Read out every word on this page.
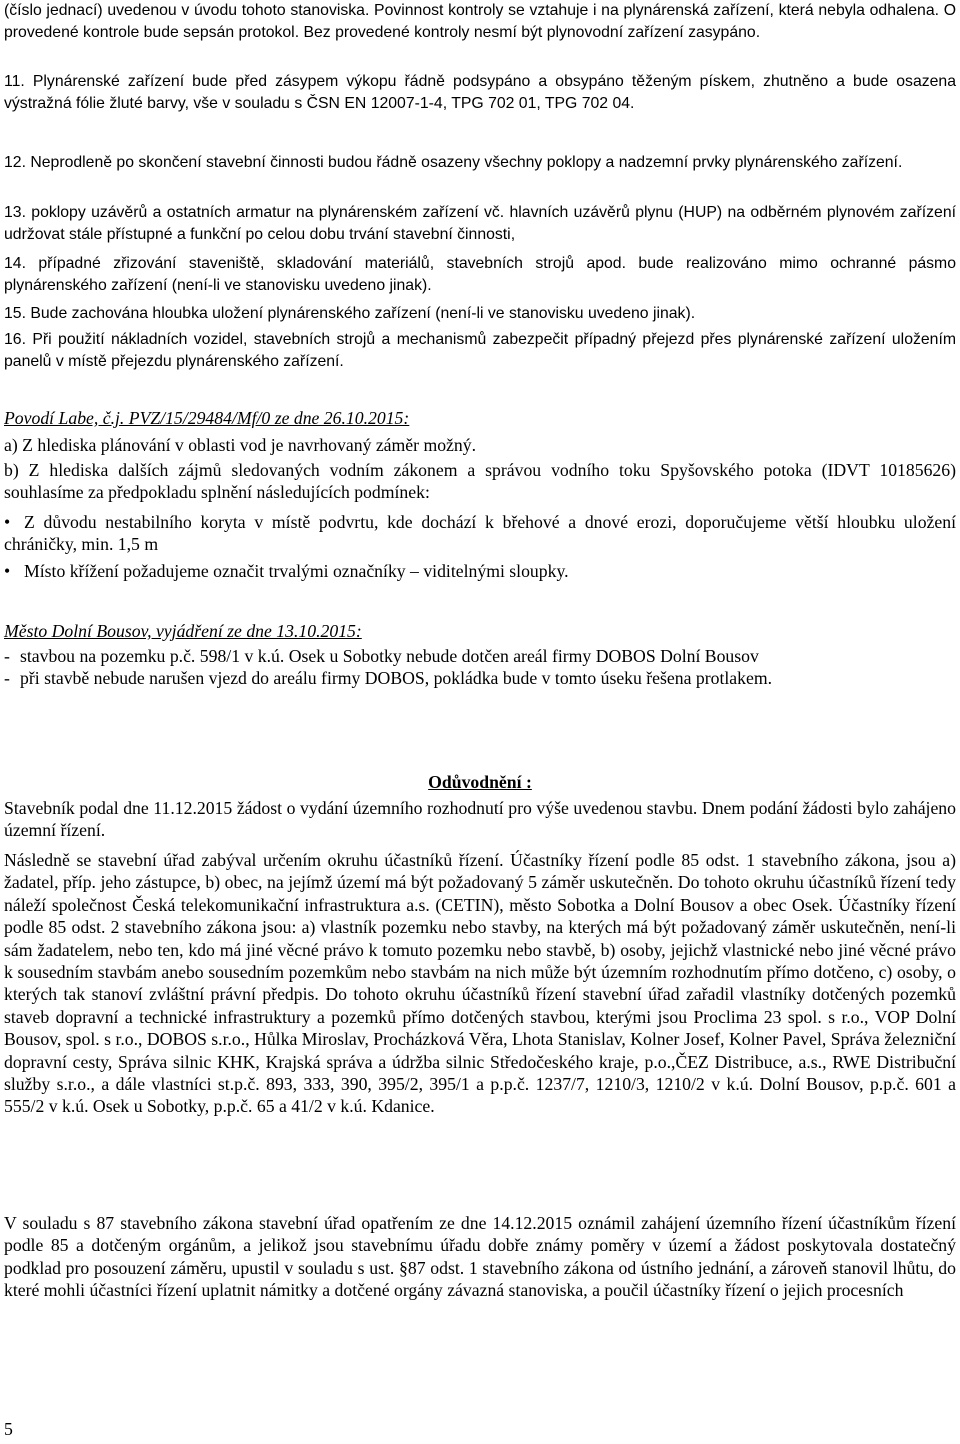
(číslo jednací) uvedenou v úvodu tohoto stanoviska. Povinnost kontroly se vztahuje i na plynárenská zařízení, která nebyla odhalena. O provedené kontrole bude sepsán protokol. Bez provedené kontroly nesmí být plynovodní zařízení zasypáno.

11. Plynárenské zařízení bude před zásypem výkopu řádně podsypáno a obsypáno těženým pískem, zhutněno a bude osazena výstražná fólie žluté barvy, vše v souladu s ČSN EN 12007-1-4, TPG 702 01, TPG 702 04.

12. Neprodleně po skončení stavební činnosti budou řádně osazeny všechny poklopy a nadzemní prvky plynárenského zařízení.

13. poklopy uzávěrů a ostatních armatur na plynárenském zařízení vč. hlavních uzávěrů plynu (HUP) na odběrném plynovém zařízení udržovat stále přístupné a funkční po celou dobu trvání stavební činnosti,

14. případné zřizování staveniště, skladování materiálů, stavebních strojů apod. bude realizováno mimo ochranné pásmo plynárenského zařízení (není-li ve stanovisku uvedeno jinak).

15. Bude zachována hloubka uložení plynárenského zařízení (není-li ve stanovisku uvedeno jinak).

16. Při použití nákladních vozidel, stavebních strojů a mechanismů zabezpečit případný přejezd přes plynárenské zařízení uložením panelů v místě přejezdu plynárenského zařízení.

Povodí Labe, č.j. PVZ/15/29484/Mf/0 ze dne 26.10.2015:

a) Z hlediska plánování v oblasti vod je navrhovaný záměr možný.

b) Z hlediska dalších zájmů sledovaných vodním zákonem a správou vodního toku Spyšovského potoka (IDVT 10185626) souhlasíme za předpokladu splnění následujících podmínek:

• Z důvodu nestabilního koryta v místě podvrtu, kde dochází k břehové a dnové erozi, doporučujeme větší hloubku uložení chráničky, min. 1,5 m
• Místo křížení požadujeme označit trvalými označníky – viditelnými sloupky.

Město Dolní Bousov, vyjádření ze dne 13.10.2015:

- stavbou na pozemku p.č. 598/1 v k.ú. Osek u Sobotky nebude dotčen areál firmy DOBOS Dolní Bousov
- při stavbě nebude narušen vjezd do areálu firmy DOBOS, pokládka bude v tomto úseku řešena protlakem.
Odůvodnění :

Stavebník podal dne 11.12.2015 žádost o vydání územního rozhodnutí pro výše uvedenou stavbu. Dnem podání žádosti bylo zahájeno územní řízení.

Následně se stavební úřad zabýval určením okruhu účastníků řízení. Účastníky řízení podle 85 odst. 1 stavebního zákona, jsou a) žadatel, příp. jeho zástupce, b) obec, na jejímž území má být požadovaný 5 záměr uskutečněn. Do tohoto okruhu účastníků řízení tedy náleží společnost Česká telekomunikační infrastruktura a.s. (CETIN), město Sobotka a Dolní Bousov a obec Osek. Účastníky řízení podle 85 odst. 2 stavebního zákona jsou: a) vlastník pozemku nebo stavby, na kterých má být požadovaný záměr uskutečněn, není-li sám žadatelem, nebo ten, kdo má jiné věcné právo k tomuto pozemku nebo stavbě, b) osoby, jejichž vlastnické nebo jiné věcné právo k sousedním stavbám anebo sousedním pozemkům nebo stavbám na nich může být územním rozhodnutím přímo dotčeno, c) osoby, o kterých tak stanoví zvláštní právní předpis. Do tohoto okruhu účastníků řízení stavební úřad zařadil vlastníky dotčených pozemků staveb dopravní a technické infrastruktury a pozemků přímo dotčených stavbou, kterými jsou Proclima 23 spol. s r.o., VOP Dolní Bousov, spol. s r.o., DOBOS s.r.o., Hůlka Miroslav, Procházková Věra, Lhota Stanislav, Kolner Josef, Kolner Pavel, Správa železniční dopravní cesty, Správa silnic KHK, Krajská správa a údržba silnic Středočeského kraje, p.o.,ČEZ Distribuce, a.s., RWE Distribuční služby s.r.o., a dále vlastníci st.p.č. 893, 333, 390, 395/2, 395/1 a p.p.č. 1237/7, 1210/3, 1210/2 v k.ú. Dolní Bousov, p.p.č. 601 a 555/2 v k.ú. Osek u Sobotky, p.p.č. 65 a 41/2 v k.ú. Kdanice.

V souladu s 87 stavebního zákona stavební úřad opatřením ze dne 14.12.2015 oznámil zahájení územního řízení účastníkům řízení podle 85 a dotčeným orgánům, a jelikož jsou stavebnímu úřadu dobře známy poměry v území a žádost poskytovala dostatečný podklad pro posouzení záměru, upustil v souladu s ust. §87 odst. 1 stavebního zákona od ústního jednání, a zároveň stanovil lhůtu, do které mohli účastníci řízení uplatnit námitky a dotčené orgány závazná stanoviska, a poučil účastníky řízení o jejich procesních

5
